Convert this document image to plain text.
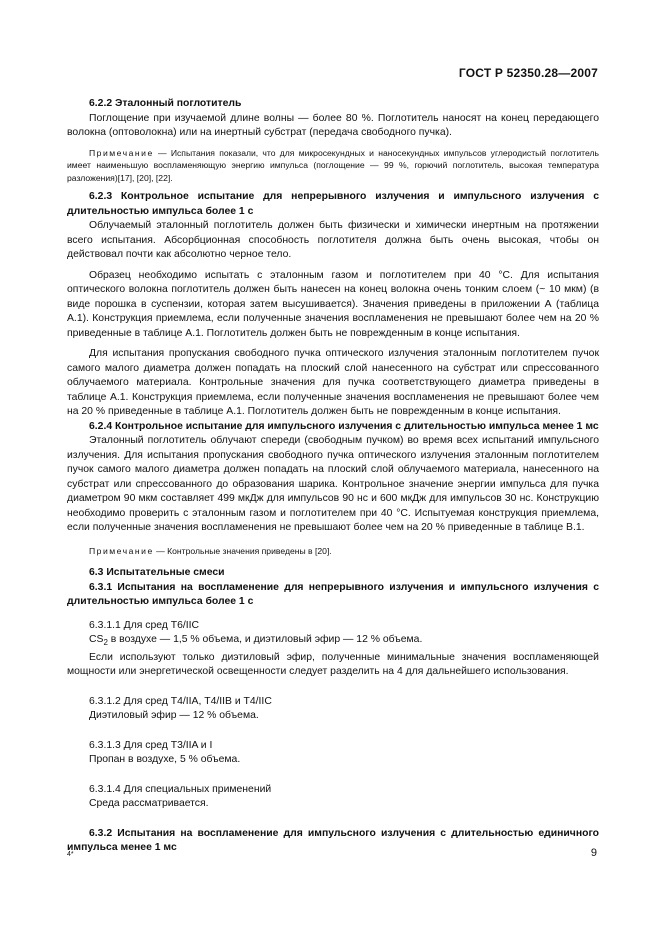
ГОСТ Р 52350.28—2007

6.2.2 Эталонный поглотитель

Поглощение при изучаемой длине волны — более 80 %. Поглотитель наносят на конец передающего волокна (оптоволокна) или на инертный субстрат (передача свободного пучка).

Примечание — Испытания показали, что для микросекундных и наносекундных импульсов углеродистый поглотитель имеет наименьшую воспламеняющую энергию импульса (поглощение — 99 %, горючий поглотитель, высокая температура разложения)[17], [20], [22].

6.2.3 Контрольное испытание для непрерывного излучения и импульсного излучения с длительностью импульса более 1 с

Облучаемый эталонный поглотитель должен быть физически и химически инертным на протяжении всего испытания. Абсорбционная способность поглотителя должна быть очень высокая, чтобы он действовал почти как абсолютно черное тело.

Образец необходимо испытать с эталонным газом и поглотителем при 40 °С. Для испытания оптического волокна поглотитель должен быть нанесен на конец волокна очень тонким слоем (~ 10 мкм) (в виде порошка в суспензии, которая затем высушивается). Значения приведены в приложении А (таблица А.1). Конструкция приемлема, если полученные значения воспламенения не превышают более чем на 20 % приведенные в таблице А.1. Поглотитель должен быть не поврежденным в конце испытания.

Для испытания пропускания свободного пучка оптического излучения эталонным поглотителем пучок самого малого диаметра должен попадать на плоский слой нанесенного на субстрат или спрессованного облучаемого материала. Контрольные значения для пучка соответствующего диаметра приведены в таблице А.1. Конструкция приемлема, если полученные значения воспламенения не превышают более чем на 20 % приведенные в таблице А.1. Поглотитель должен быть не поврежденным в конце испытания.

6.2.4 Контрольное испытание для импульсного излучения с длительностью импульса менее 1 мс

Эталонный поглотитель облучают спереди (свободным пучком) во время всех испытаний импульсного излучения. Для испытания пропускания свободного пучка оптического излучения эталонным поглотителем пучок самого малого диаметра должен попадать на плоский слой облучаемого материала, нанесенного на субстрат или спрессованного до образования шарика. Контрольное значение энергии импульса для пучка диаметром 90 мкм составляет 499 мкДж для импульсов 90 нс и 600 мкДж для импульсов 30 нс. Конструкцию необходимо проверить с эталонным газом и поглотителем при 40 °С. Испытуемая конструкция приемлема, если полученные значения воспламенения не превышают более чем на 20 % приведенные в таблице В.1.

Примечание — Контрольные значения приведены в [20].

6.3 Испытательные смеси

6.3.1 Испытания на воспламенение для непрерывного излучения и импульсного излучения с длительностью импульса более 1 с

6.3.1.1 Для сред Т6/IIC

$CS_2$ в воздухе — 1,5 % объема, и диэтиловый эфир — 12 % объема.

Если используют только диэтиловый эфир, полученные минимальные значения воспламеняющей мощности или энергетической освещенности следует разделить на 4 для дальнейшего использования.

6.3.1.2 Для сред Т4/IIA, Т4/IIB и Т4/IIC

Диэтиловый эфир — 12 % объема.

6.3.1.3 Для сред Т3/IIA и I

Пропан в воздухе, 5 % объема.

6.3.1.4 Для специальных применений

Среда рассматривается.

6.3.2 Испытания на воспламенение для импульсного излучения с длительностью единичного импульса менее 1 мс

4*	9
